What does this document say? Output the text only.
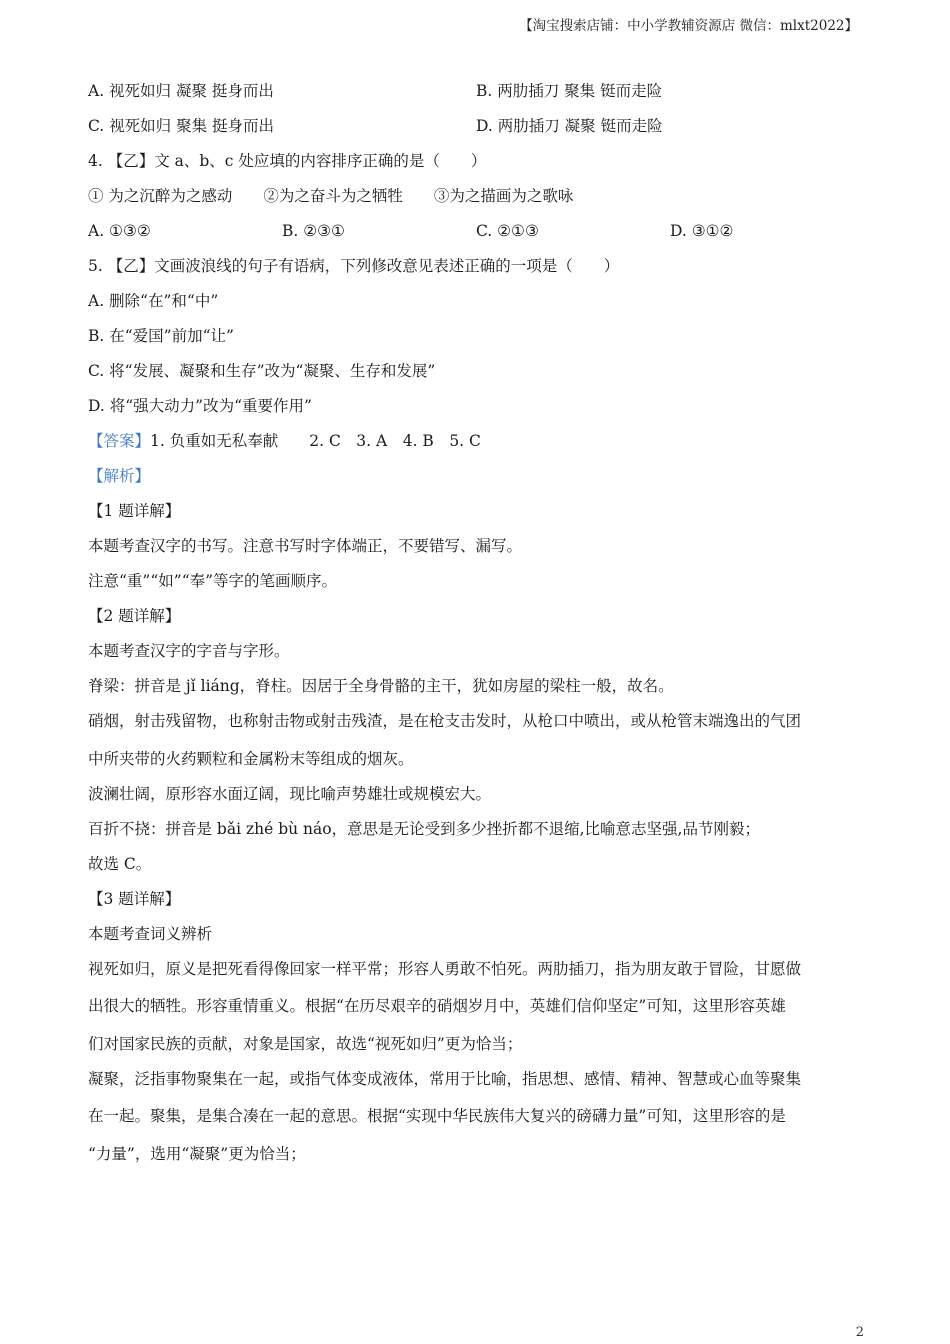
【淘宝搜索店铺：中小学教辅资源店 微信：mlxt2022】
A. 视死如归 凝聚 挺身而出	B. 两肋插刀 聚集 铤而走险
C. 视死如归 聚集 挺身而出	D. 两肋插刀 凝聚 铤而走险
4. 【乙】文 a、b、c 处应填的内容排序正确的是（　　）
① 为之沉醉为之感动　　②为之奋斗为之牺牲　　③为之描画为之歌咏
A. ①③②	B. ②③①	C. ②①③	D. ③①②
5. 【乙】文画波浪线的句子有语病，下列修改意见表述正确的一项是（　　）
A. 删除“在”和“中”
B. 在“爱国”前加“让”
C. 将“发展、凝聚和生存”改为“凝聚、生存和发展”
D. 将“强大动力”改为“重要作用”
【答案】1. 负重如无私奉献　　2. C　3. A　4. B　5. C
【解析】
【1 题详解】
本题考查汉字的书写。注意书写时字体端正，不要错写、漏写。
注意“重”“如”“奉”等字的笔画顺序。
【2 题详解】
本题考查汉字的字音与字形。
脊梁：拼音是 jǐ liáng，脊柱。因居于全身骨骼的主干，犹如房屋的梁柱一般，故名。
硝烟，射击残留物，也称射击物或射击残渣，是在枪支击发时，从枪口中喷出，或从枪管末端逸出的气团
中所夹带的火药颗粒和金属粉末等组成的烟灰。
波澜壮阔，原形容水面辽阔，现比喻声势雄壮或规模宏大。
百折不挠：拼音是 bǎi zhé bù náo，意思是无论受到多少挫折都不退缩,比喻意志坚强,品节刚毅；
故选 C。
【3 题详解】
本题考查词义辨析
视死如归，原义是把死看得像回家一样平常；形容人勇敢不怕死。两肋插刀，指为朋友敢于冒险，甘愿做
出很大的牺牲。形容重情重义。根据“在历尽艰辛的硝烟岁月中，英雄们信仰坚定”可知，这里形容英雄
们对国家民族的贡献，对象是国家，故选“视死如归”更为恰当；
凝聚，泛指事物聚集在一起，或指气体变成液体，常用于比喻，指思想、感情、精神、智慧或心血等聚集
在一起。聚集，是集合凑在一起的意思。根据“实现中华民族伟大复兴的磅礴力量”可知，这里形容的是
“力量”，选用“凝聚”更为恰当；
2
